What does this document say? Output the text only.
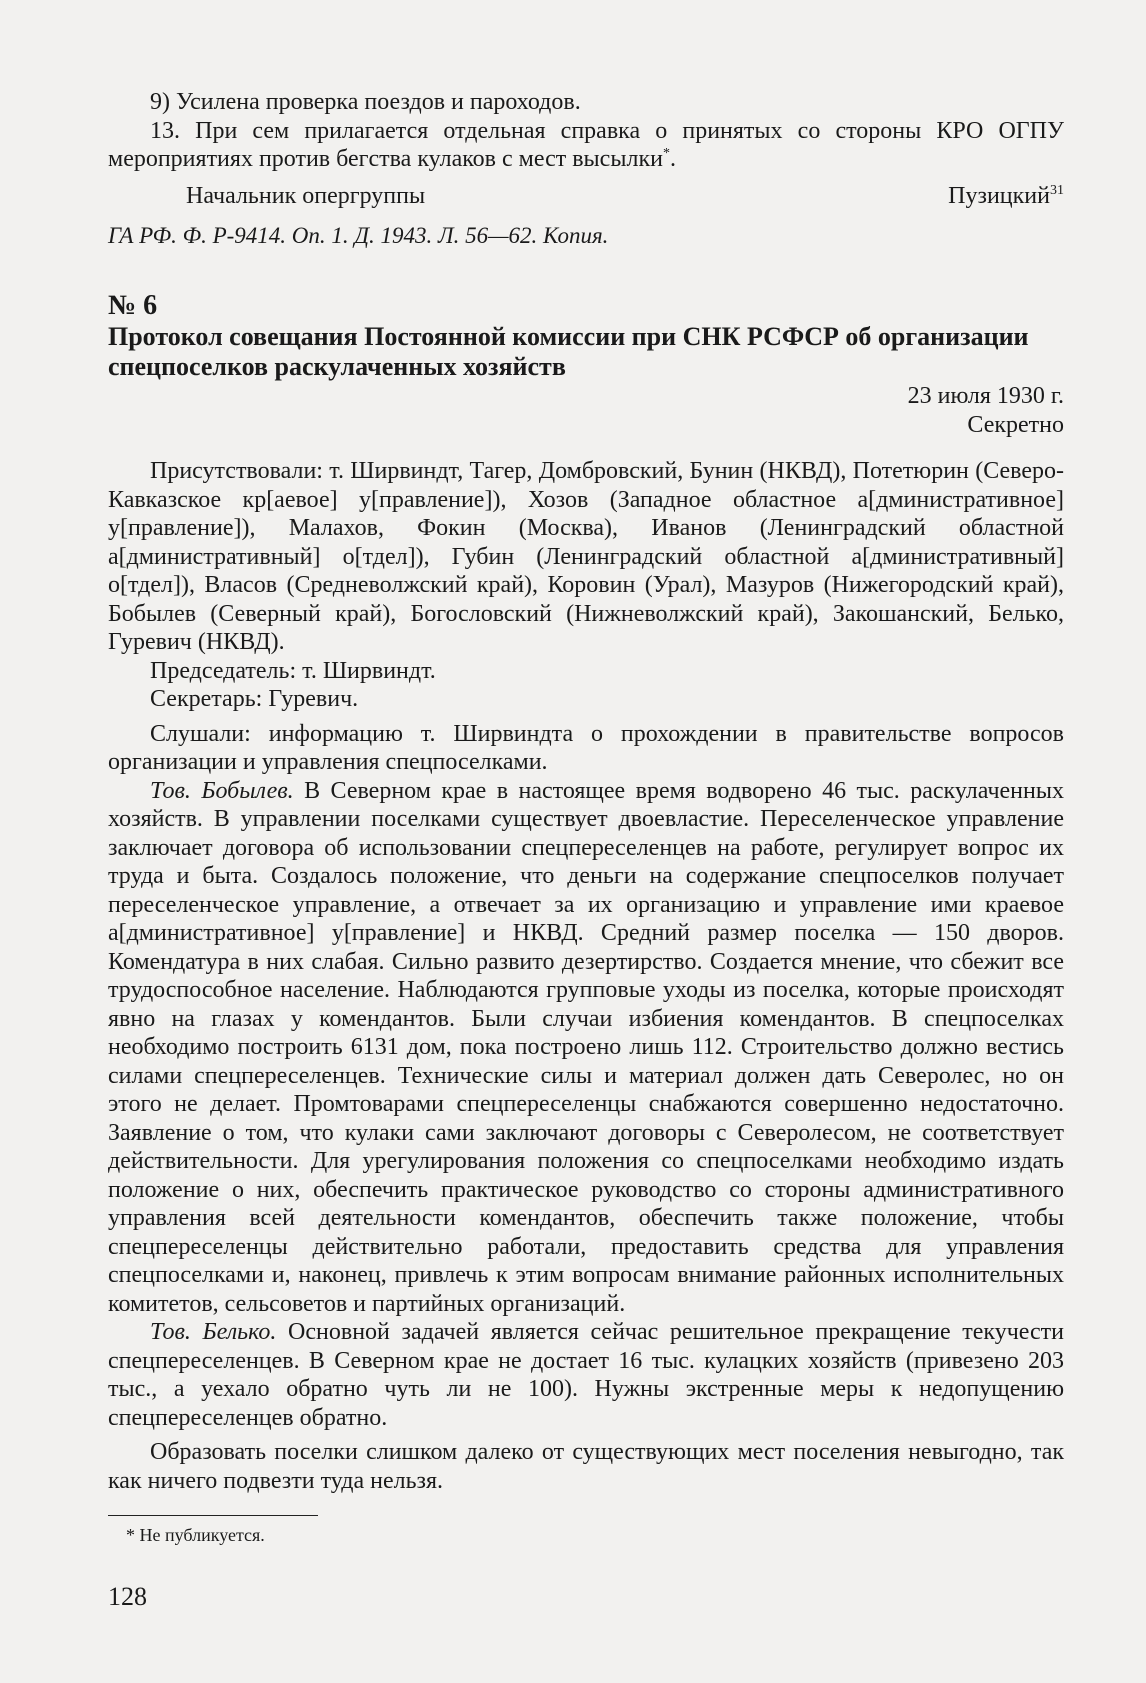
9) Усилена проверка поездов и пароходов.

13. При сем прилагается отдельная справка о принятых со стороны КРО ОГПУ мероприятиях против бегства кулаков с мест высылки*.

Начальник опергруппы	Пузицкий$^{31}$

ГА РФ. Ф. Р-9414. Оп. 1. Д. 1943. Л. 56—62. Копия.

№ 6

Протокол совещания Постоянной комиссии при СНК РСФСР об организации спецпоселков раскулаченных хозяйств

23 июля 1930 г.

Секретно

Присутствовали: т. Ширвиндт, Тагер, Домбровский, Бунин (НКВД), Потетюрин (Северо-Кавказское кр[аевое] у[правление]), Хозов (Западное областное а[дминистративное] у[правление]), Малахов, Фокин (Москва), Иванов (Ленинградский областной а[дминистративный] о[тдел]), Губин (Ленинградский областной а[дминистративный] о[тдел]), Власов (Средневолжский край), Коровин (Урал), Мазуров (Нижегородский край), Бобылев (Северный край), Богословский (Нижневолжский край), Закошанский, Белько, Гуревич (НКВД).

Председатель: т. Ширвиндт.

Секретарь: Гуревич.

Слушали: информацию т. Ширвиндта о прохождении в правительстве вопросов организации и управления спецпоселками.

Тов. Бобылев. В Северном крае в настоящее время водворено 46 тыс. раскулаченных хозяйств. В управлении поселками существует двоевластие. Переселенческое управление заключает договора об использовании спецпереселенцев на работе, регулирует вопрос их труда и быта. Создалось положение, что деньги на содержание спецпоселков получает переселенческое управление, а отвечает за их организацию и управление ими краевое а[дминистративное] у[правление] и НКВД. Средний размер поселка — 150 дворов. Комендатура в них слабая. Сильно развито дезертирство. Создается мнение, что сбежит все трудоспособное население. Наблюдаются групповые уходы из поселка, которые происходят явно на глазах у комендантов. Были случаи избиения комендантов. В спецпоселках необходимо построить 6131 дом, пока построено лишь 112. Строительство должно вестись силами спецпереселенцев. Технические силы и материал должен дать Северолес, но он этого не делает. Промтоварами спецпереселенцы снабжаются совершенно недостаточно. Заявление о том, что кулаки сами заключают договоры с Северолесом, не соответствует действительности. Для урегулирования положения со спецпоселками необходимо издать положение о них, обеспечить практическое руководство со стороны административного управления всей деятельности комендантов, обеспечить также положение, чтобы спецпереселенцы действительно работали, предоставить средства для управления спецпоселками и, наконец, привлечь к этим вопросам внимание районных исполнительных комитетов, сельсоветов и партийных организаций.

Тов. Белько. Основной задачей является сейчас решительное прекращение текучести спецпереселенцев. В Северном крае не достает 16 тыс. кулацких хозяйств (привезено 203 тыс., а уехало обратно чуть ли не 100). Нужны экстренные меры к недопущению спецпереселенцев обратно.

Образовать поселки слишком далеко от существующих мест поселения невыгодно, так как ничего подвезти туда нельзя.

* Не публикуется.

128
